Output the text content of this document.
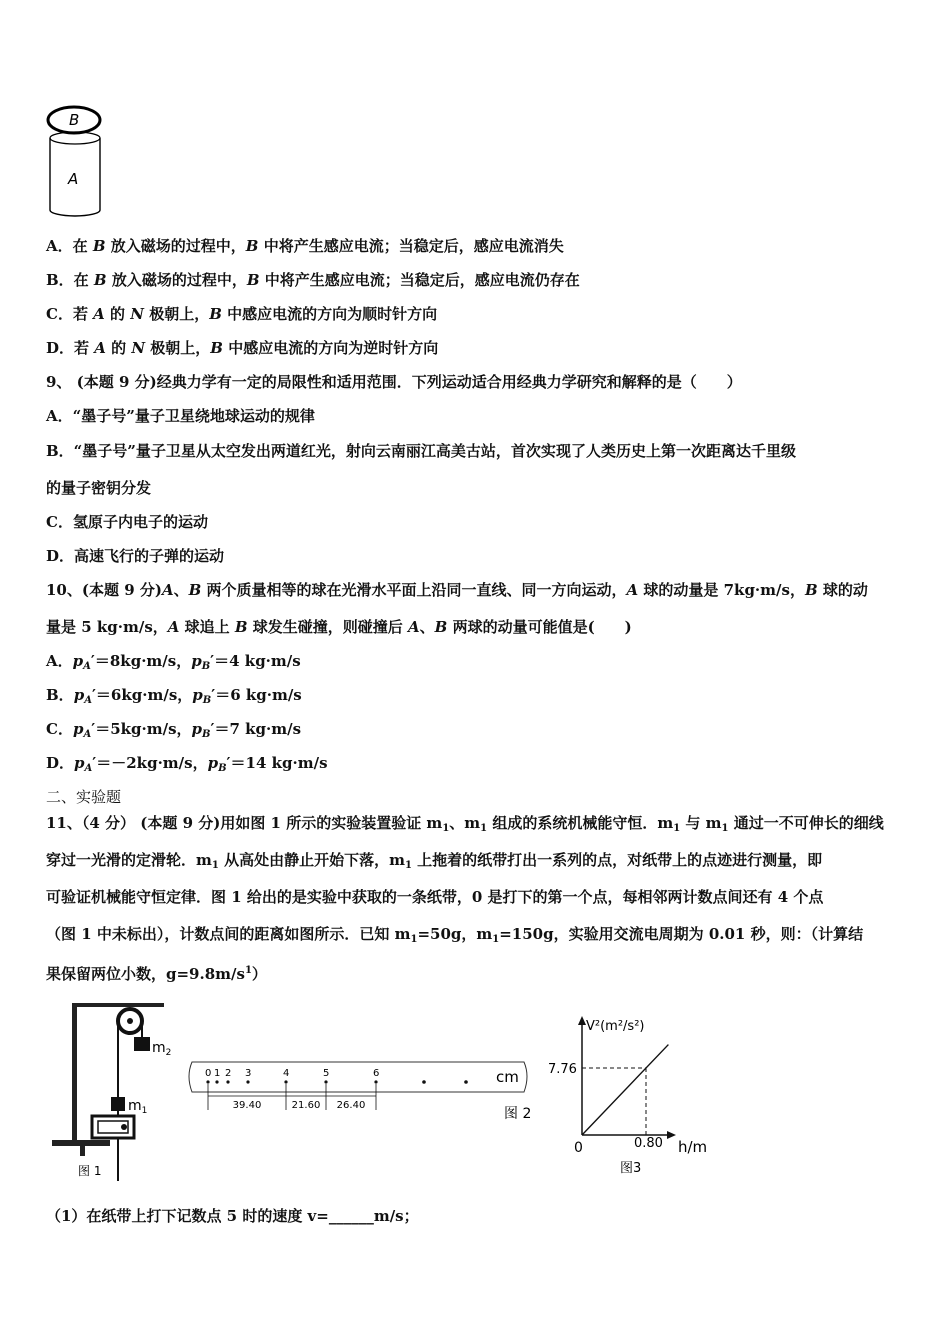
B
A
A．在 B 放入磁场的过程中，B 中将产生感应电流；当稳定后，感应电流消失
B．在 B 放入磁场的过程中，B 中将产生感应电流；当稳定后，感应电流仍存在
C．若 A 的 N 极朝上，B 中感应电流的方向为顺时针方向
D．若 A 的 N 极朝上，B 中感应电流的方向为逆时针方向
9、 (本题 9 分)经典力学有一定的局限性和适用范围．下列运动适合用经典力学研究和解释的是（　　）
A．“墨子号”量子卫星绕地球运动的规律
B．“墨子号”量子卫星从太空发出两道红光，射向云南丽江高美古站，首次实现了人类历史上第一次距离达千里级
的量子密钥分发
C．氢原子内电子的运动
D．高速飞行的子弹的运动
10、(本题 9 分)A、B 两个质量相等的球在光滑水平面上沿同一直线、同一方向运动，A 球的动量是 7kg·m/s，B 球的动
量是 5 kg·m/s，A 球追上 B 球发生碰撞，则碰撞后 A、B 两球的动量可能值是(　　)
A．$p_A'=8kg\cdot m/s$，$p_B'=4$ kg·m/s
B．$p_A'=6kg\cdot m/s$，$p_B'=6$ kg·m/s
C．$p_A'=5kg\cdot m/s$，$p_B'=7$ kg·m/s
D．$p_A'=-2kg\cdot m/s$，$p_B'=14$ kg·m/s
二、实验题
11、（4 分） (本题 9 分)用如图 1 所示的实验装置验证 $m_1$、$m_1$ 组成的系统机械能守恒．$m_1$ 与 $m_1$ 通过一不可伸长的细线
穿过一光滑的定滑轮．$m_1$ 从高处由静止开始下落，$m_1$ 上拖着的纸带打出一系列的点，对纸带上的点迹进行测量，即
可验证机械能守恒定律．图 1 给出的是实验中获取的一条纸带，0 是打下的第一个点，每相邻两计数点间还有 4 个点
（图 1 中未标出），计数点间的距离如图所示．已知 $m_1=50g$，$m_1=150g$，实验用交流电周期为 0.01 秒，则：（计算结
果保留两位小数，$g=9.8m/s^1$）
$m_2$
$m_1$
图 1
0 1 2 3	4	5	6	.	cm
39.40	21.60 26.40
图 2
V²(m²/s²)
h/m
0
7.76
0.80
图3
（1）在纸带上打下记数点 5 时的速度 v=______m/s；
